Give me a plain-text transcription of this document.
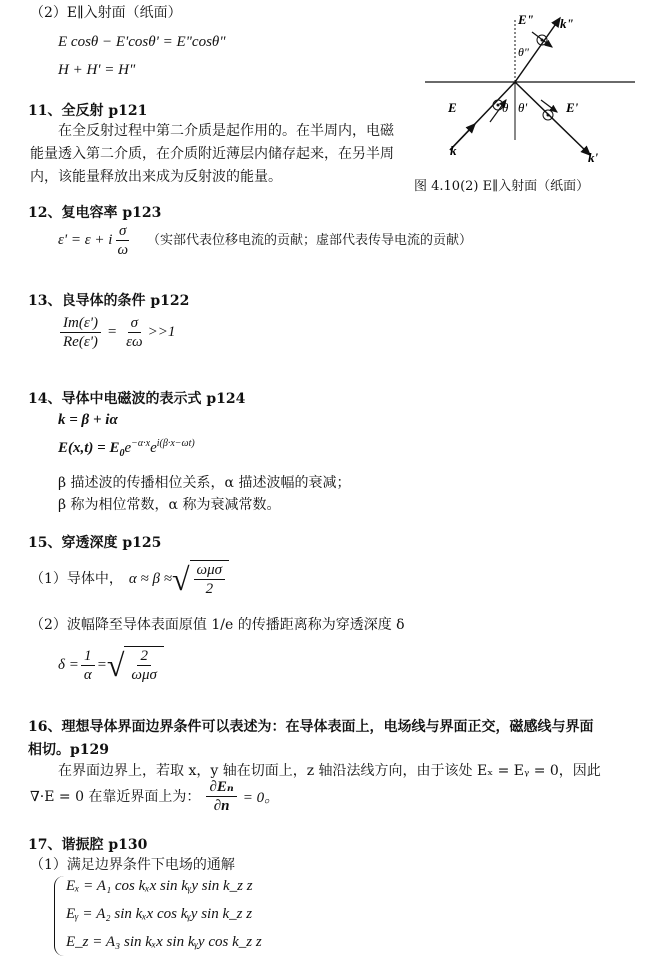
（2）E∥入射面（纸面）
E cosθ − E'cosθ' = E"cosθ"
H + H' = H"
E" k"
θ"
E	θ θ'	E'
k	k'
图 4.10(2) E∥入射面（纸面）
11、全反射 p121
在全反射过程中第二介质是起作用的。在半周内，电磁
能量透入第二介质，在介质附近薄层内储存起来，在另半周
内，该能量释放出来成为反射波的能量。
12、复电容率 p123
ε' = ε + i $\frac{\sigma}{\omega}$ （实部代表位移电流的贡献；虚部代表传导电流的贡献）
13、良导体的条件 p122
$\frac{Im(\varepsilon')}{Re(\varepsilon')} = \frac{\sigma}{\varepsilon\omega} >>1$
14、导体中电磁波的表示式 p124
k = β + iα
$E(x,t) = E_0e^{-\alpha\cdot x}e^{i(\beta\cdot x-\omega t)}$
β 描述波的传播相位关系，α 描述波幅的衰减；
β 称为相位常数，α 称为衰减常数。
15、穿透深度 p125
（1）导体中， α ≈ β ≈ √ $\frac{\text{ωμσ}}{2}$
（2）波幅降至导体表面原值 1/e 的传播距离称为穿透深度 δ
$\delta = \frac{1}{\alpha}$ = √ $\frac{2}{\text{ωμσ}}$
16、理想导体界面边界条件可以表述为：在导体表面上，电场线与界面正交，磁感线与界面
相切。p129
在界面边界上，若取 x，y 轴在切面上，z 轴沿法线方向，由于该处 Eₓ = Eᵧ = 0，因此
∇·E = 0 在靠近界面上为： $\frac{\text{∂Eₙ}}{\partial n} = 0$。
17、谐振腔 p130
（1）满足边界条件下电场的通解
Eₓ = A₁ cos kₓx sin kᵧy sin k_z z
Eᵧ = A₂ sin kₓx cos kᵧy sin k_z z
E_z = A₃ sin kₓx sin kᵧy cos k_z z
